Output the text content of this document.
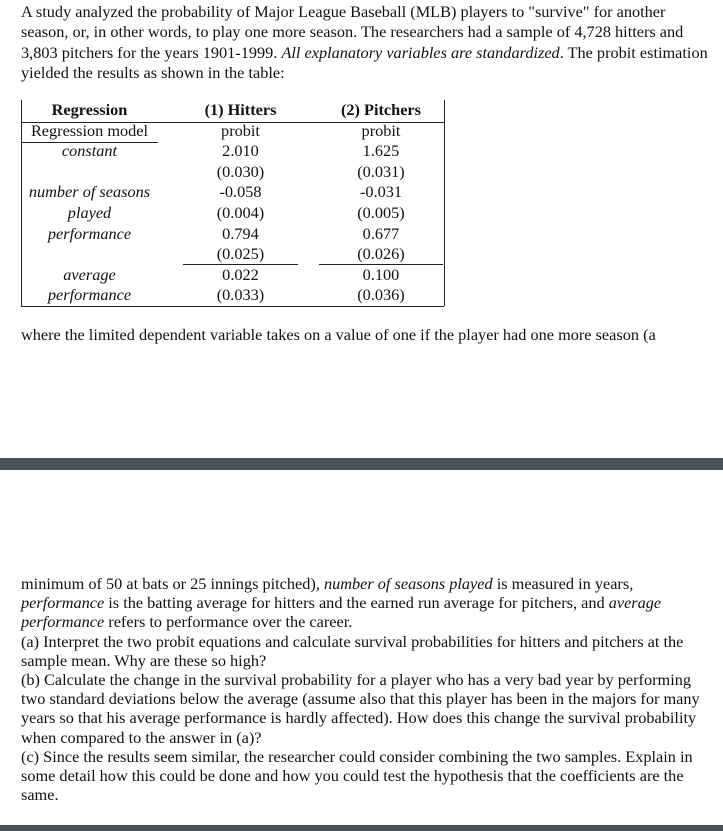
A study analyzed the probability of Major League Baseball (MLB) players to "survive" for another season, or, in other words, to play one more season. The researchers had a sample of 4,728 hitters and 3,803 pitchers for the years 1901-1999. All explanatory variables are standardized. The probit estimation yielded the results as shown in the table:
Regression
Regression model
constant

number of seasons
played
performance

average
performance
(1) Hitters
probit
2.010
(0.030)
-0.058
(0.004)
0.794
(0.025)
0.022
(0.033)
(2) Pitchers
probit
1.625
(0.031)
-0.031
(0.005)
0.677
(0.026)
0.100
(0.036)
where the limited dependent variable takes on a value of one if the player had one more season (a

minimum of 50 at bats or 25 innings pitched), number of seasons played is measured in years, performance is the batting average for hitters and the earned run average for pitchers, and average performance refers to performance over the career.

(a) Interpret the two probit equations and calculate survival probabilities for hitters and pitchers at the sample mean. Why are these so high?

(b) Calculate the change in the survival probability for a player who has a very bad year by performing two standard deviations below the average (assume also that this player has been in the majors for many years so that his average performance is hardly affected). How does this change the survival probability when compared to the answer in (a)?

(c) Since the results seem similar, the researcher could consider combining the two samples. Explain in some detail how this could be done and how you could test the hypothesis that the coefficients are the same.
